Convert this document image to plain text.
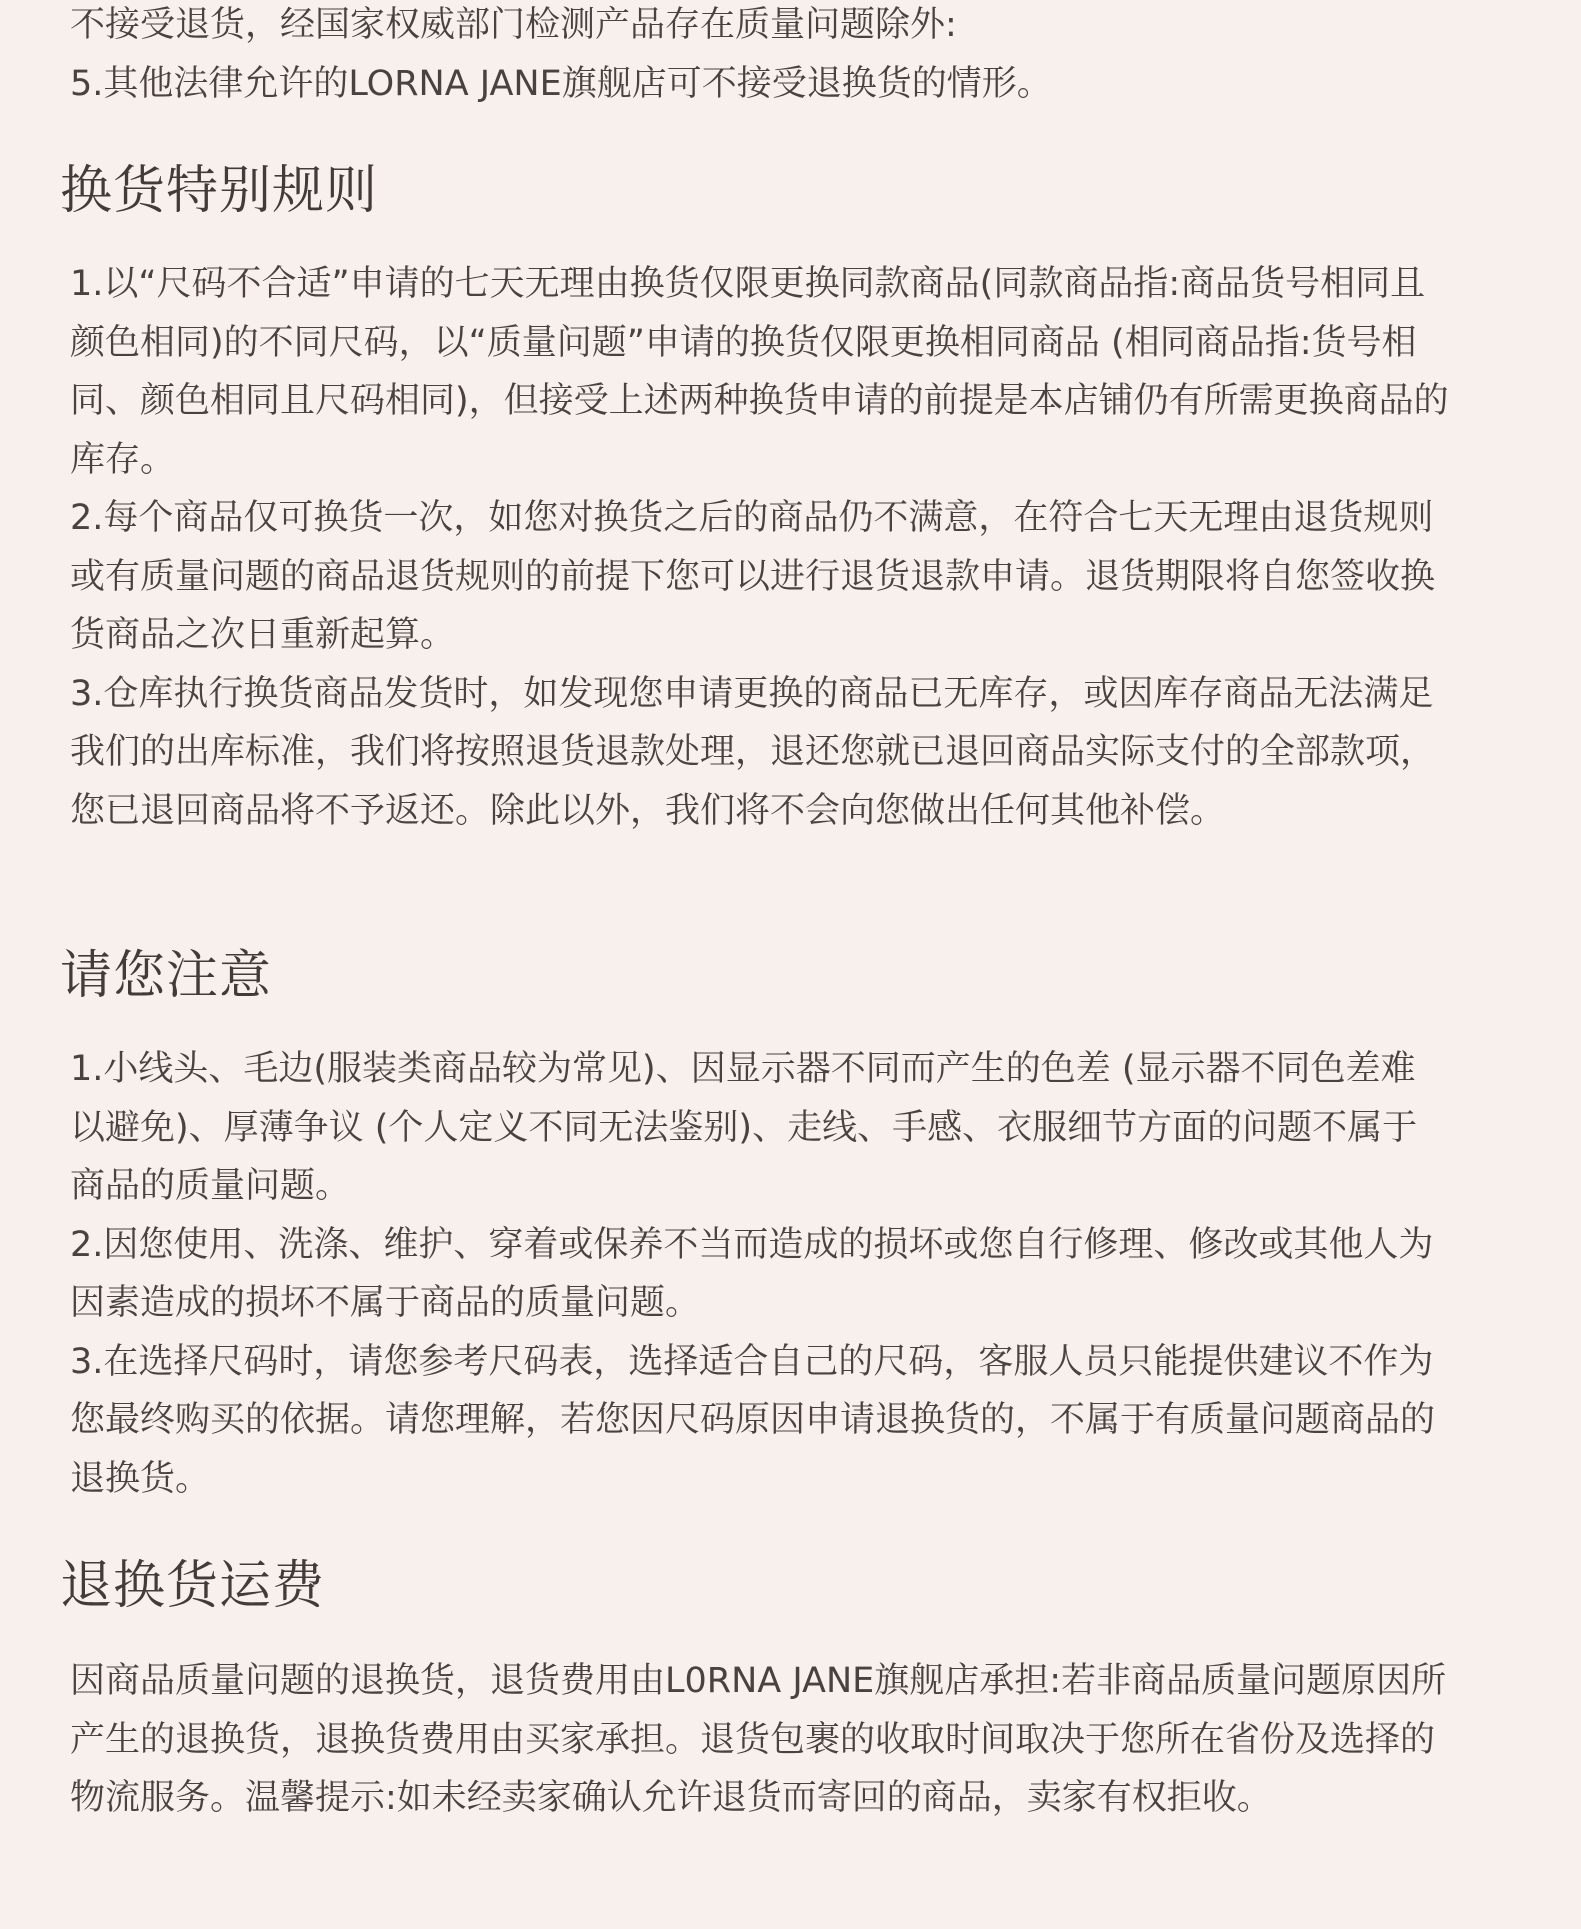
不接受退货，经国家权威部门检测产品存在质量问题除外:

5.其他法律允许的LORNA JANE旗舰店可不接受退换货的情形。

换货特别规则

1.以“尺码不合适”申请的七天无理由换货仅限更换同款商品(同款商品指:商品货号相同且颜色相同)的不同尺码，以“质量问题”申请的换货仅限更换相同商品 (相同商品指:货号相同、颜色相同且尺码相同)，但接受上述两种换货申请的前提是本店铺仍有所需更换商品的库存。

2.每个商品仅可换货一次，如您对换货之后的商品仍不满意，在符合七天无理由退货规则或有质量问题的商品退货规则的前提下您可以进行退货退款申请。退货期限将自您签收换货商品之次日重新起算。

3.仓库执行换货商品发货时，如发现您申请更换的商品已无库存，或因库存商品无法满足我们的出库标准，我们将按照退货退款处理，退还您就已退回商品实际支付的全部款项，您已退回商品将不予返还。除此以外，我们将不会向您做出任何其他补偿。

请您注意

1.小线头、毛边(服装类商品较为常见)、因显示器不同而产生的色差 (显示器不同色差难以避免)、厚薄争议 (个人定义不同无法鉴别)、走线、手感、衣服细节方面的问题不属于商品的质量问题。

2.因您使用、洗涤、维护、穿着或保养不当而造成的损坏或您自行修理、修改或其他人为因素造成的损坏不属于商品的质量问题。

3.在选择尺码时，请您参考尺码表，选择适合自己的尺码，客服人员只能提供建议不作为您最终购买的依据。请您理解，若您因尺码原因申请退换货的，不属于有质量问题商品的退换货。

退换货运费

因商品质量问题的退换货，退货费用由L0RNA JANE旗舰店承担:若非商品质量问题原因所产生的退换货，退换货费用由买家承担。退货包裹的收取时间取决于您所在省份及选择的物流服务。温馨提示:如未经卖家确认允许退货而寄回的商品，卖家有权拒收。
